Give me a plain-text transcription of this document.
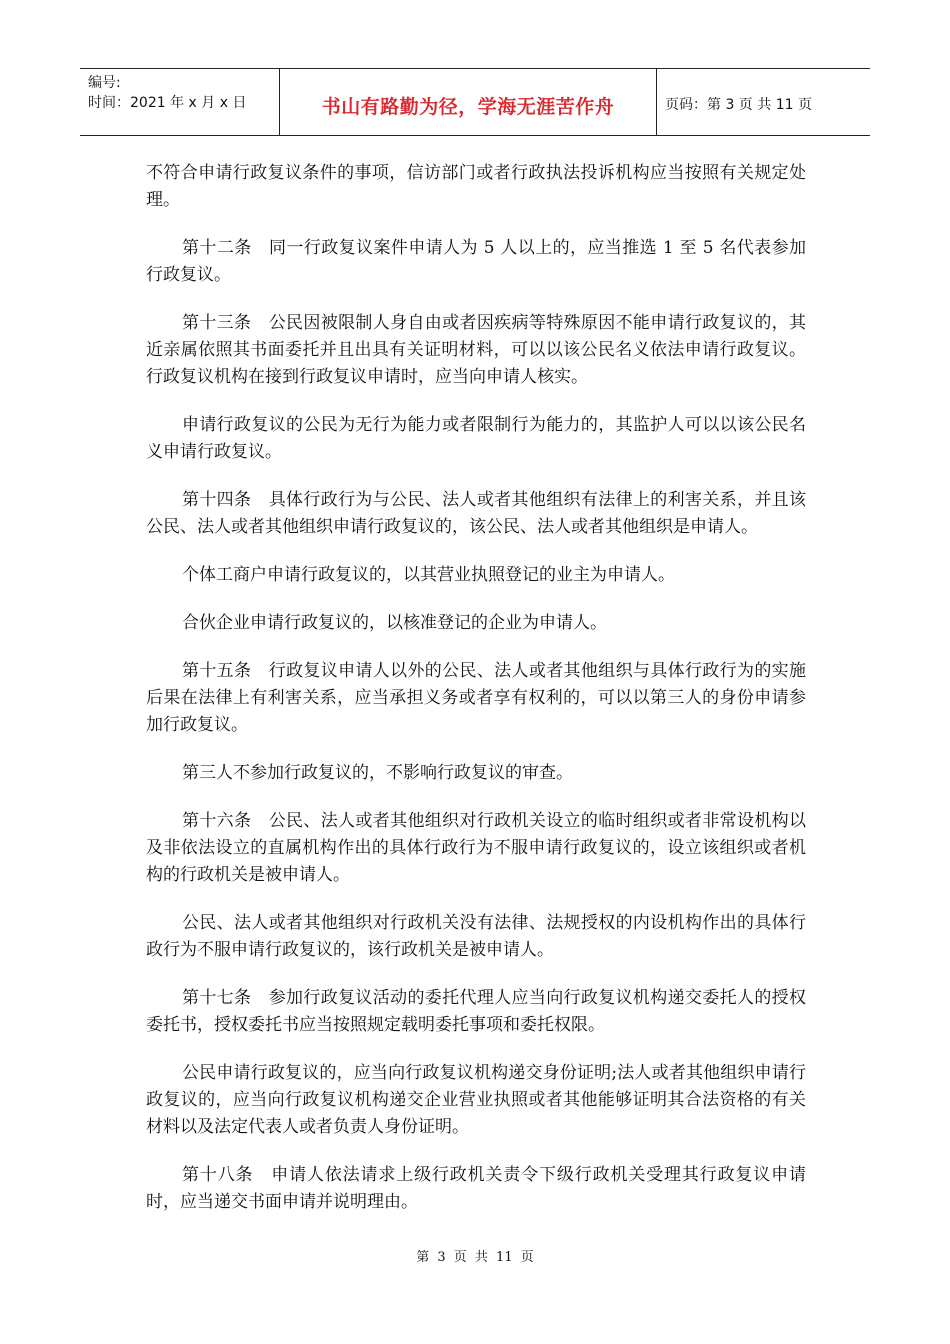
编号:
时间：2021 年 x 月 x 日	书山有路勤为径，学海无涯苦作舟	页码：第 3 页 共 11 页

不符合申请行政复议条件的事项，信访部门或者行政执法投诉机构应当按照有关规定处理。

第十二条　同一行政复议案件申请人为 5 人以上的，应当推选 1 至 5 名代表参加行政复议。

第十三条　公民因被限制人身自由或者因疾病等特殊原因不能申请行政复议的，其近亲属依照其书面委托并且出具有关证明材料，可以以该公民名义依法申请行政复议。行政复议机构在接到行政复议申请时，应当向申请人核实。

申请行政复议的公民为无行为能力或者限制行为能力的，其监护人可以以该公民名义申请行政复议。

第十四条　具体行政行为与公民、法人或者其他组织有法律上的利害关系，并且该公民、法人或者其他组织申请行政复议的，该公民、法人或者其他组织是申请人。

个体工商户申请行政复议的，以其营业执照登记的业主为申请人。

合伙企业申请行政复议的，以核准登记的企业为申请人。

第十五条　行政复议申请人以外的公民、法人或者其他组织与具体行政行为的实施后果在法律上有利害关系，应当承担义务或者享有权利的，可以以第三人的身份申请参加行政复议。

第三人不参加行政复议的，不影响行政复议的审查。

第十六条　公民、法人或者其他组织对行政机关设立的临时组织或者非常设机构以及非依法设立的直属机构作出的具体行政行为不服申请行政复议的，设立该组织或者机构的行政机关是被申请人。

公民、法人或者其他组织对行政机关没有法律、法规授权的内设机构作出的具体行政行为不服申请行政复议的，该行政机关是被申请人。

第十七条　参加行政复议活动的委托代理人应当向行政复议机构递交委托人的授权委托书，授权委托书应当按照规定载明委托事项和委托权限。

公民申请行政复议的，应当向行政复议机构递交身份证明;法人或者其他组织申请行政复议的，应当向行政复议机构递交企业营业执照或者其他能够证明其合法资格的有关材料以及法定代表人或者负责人身份证明。

第十八条　申请人依法请求上级行政机关责令下级行政机关受理其行政复议申请时，应当递交书面申请并说明理由。

第 3 页 共 11 页
